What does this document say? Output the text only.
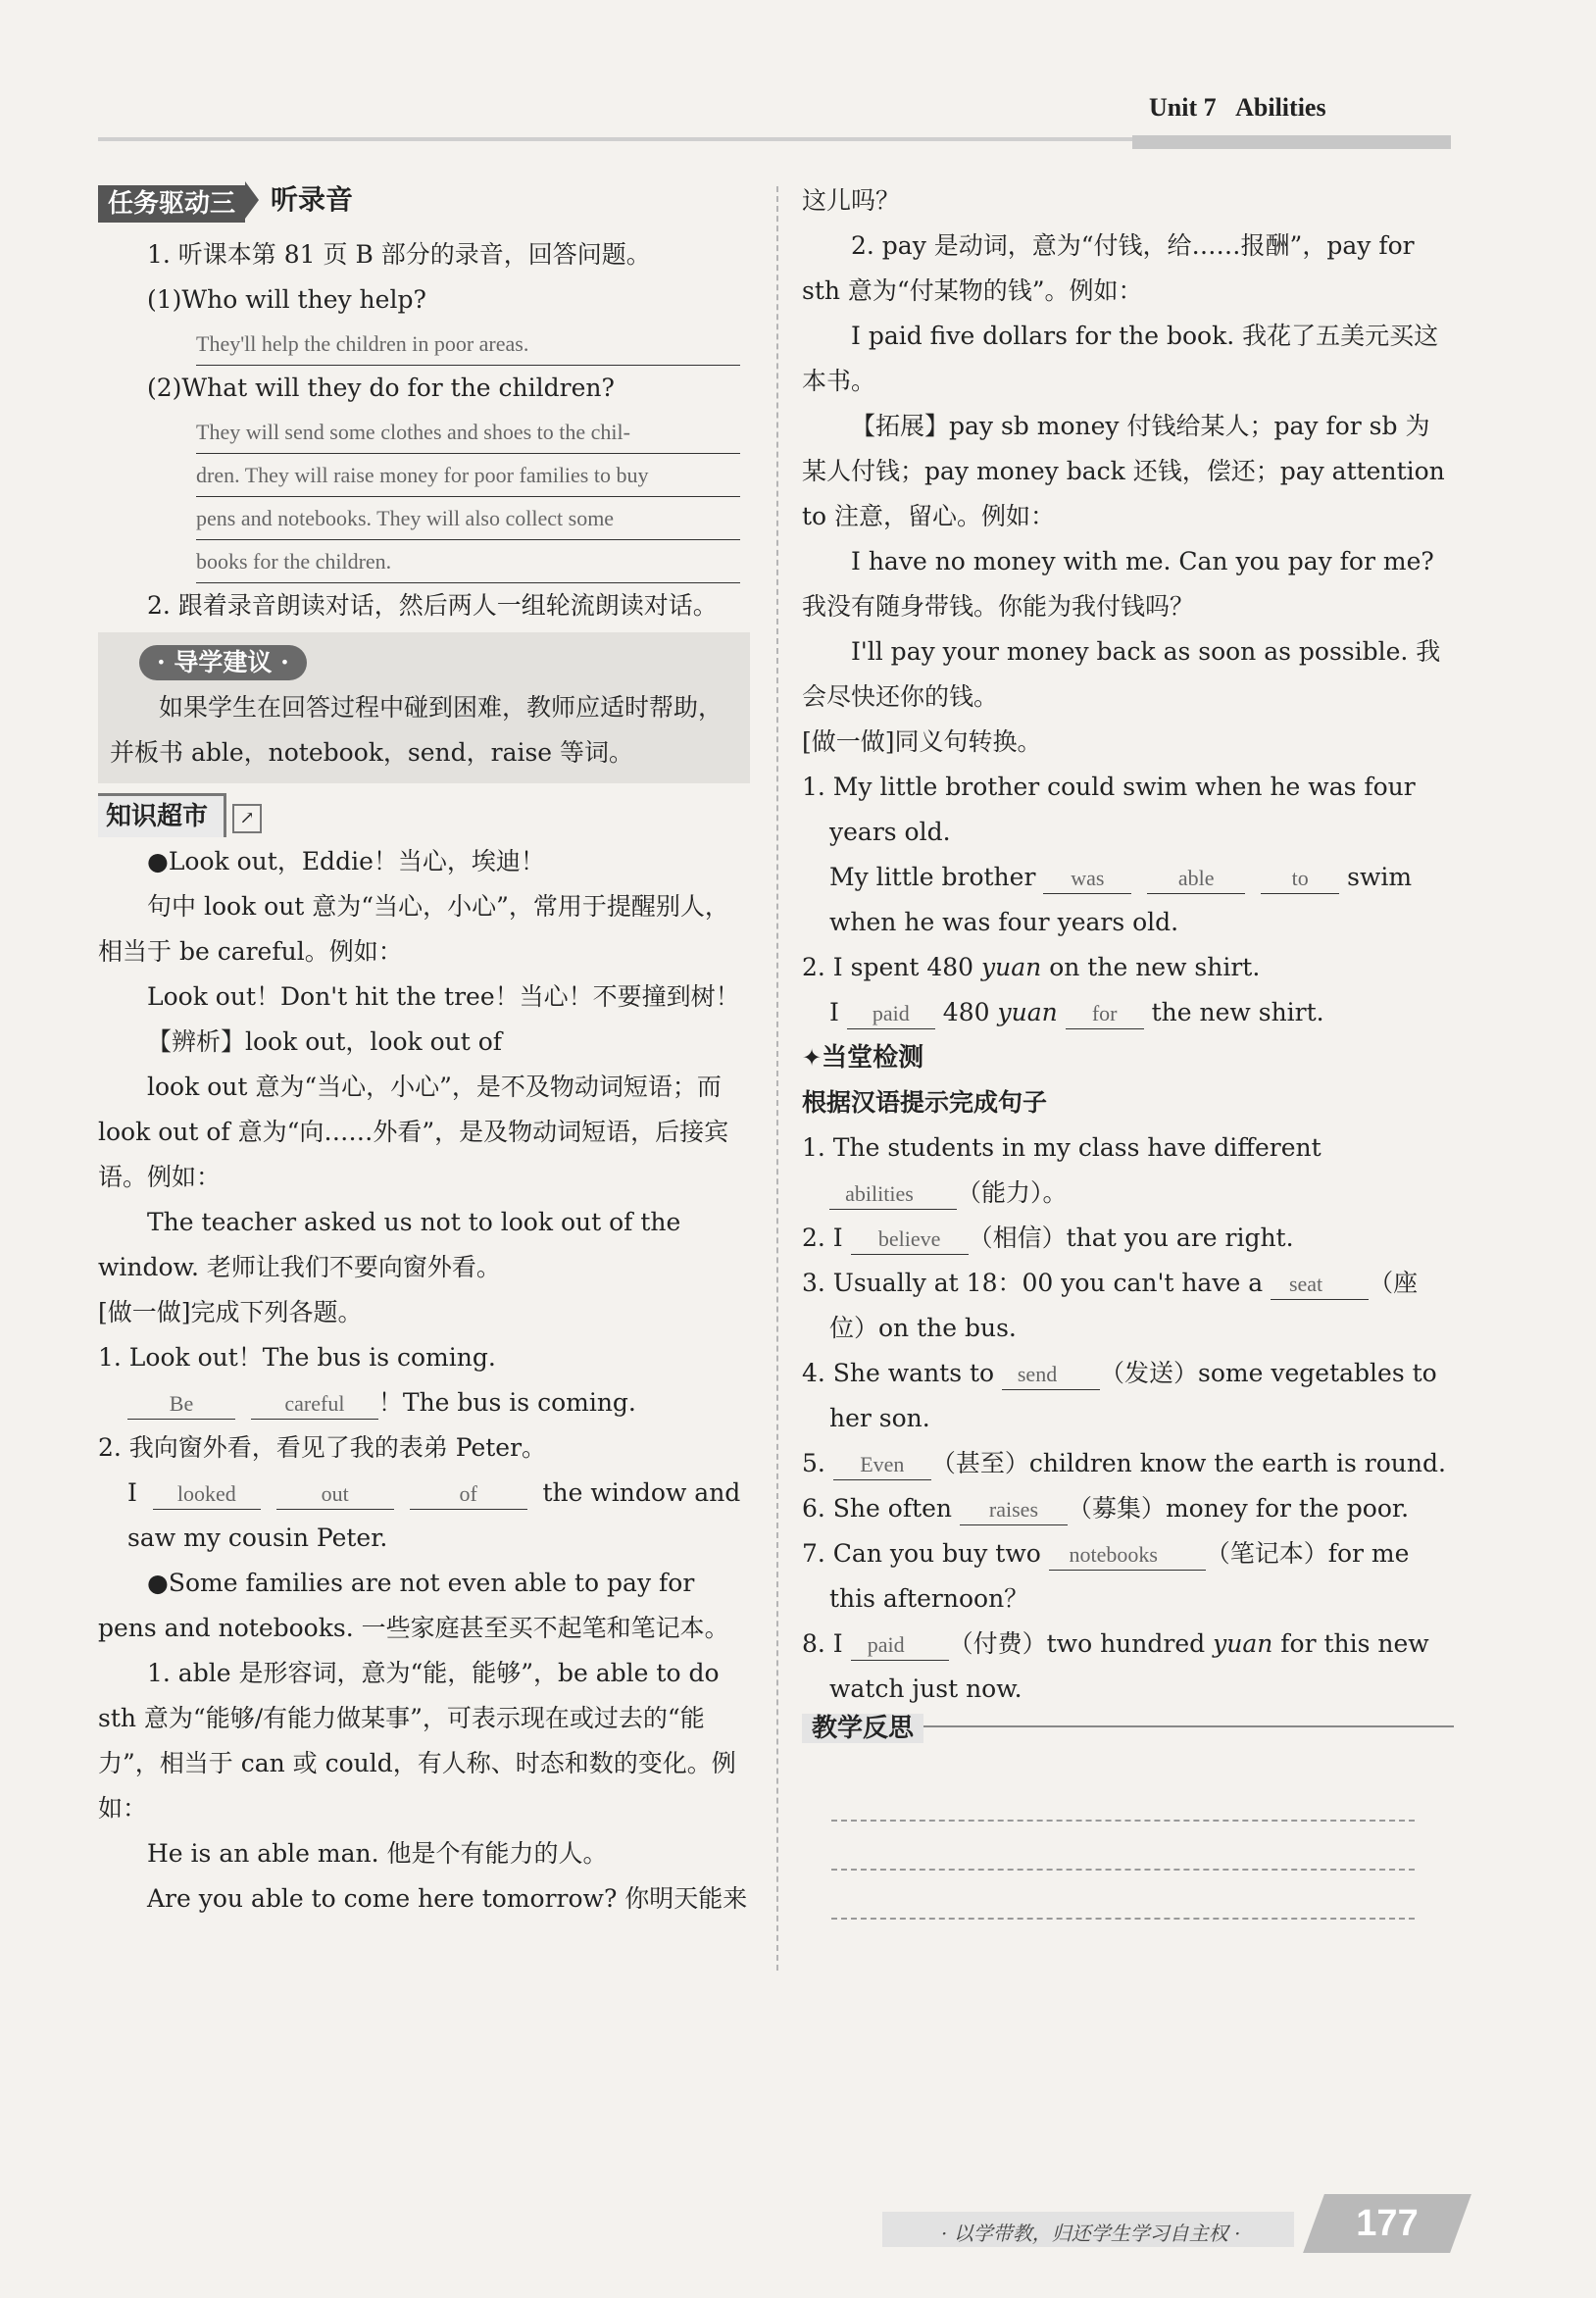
Unit 7 Abilities
任务驱动三 听录音

1. 听课本第 81 页 B 部分的录音，回答问题。

(1)Who will they help?

They'll help the children in poor areas.

(2)What will they do for the children?

They will send some clothes and shoes to the chil-
dren. They will raise money for poor families to buy
pens and notebooks. They will also collect some
books for the children.

2. 跟着录音朗读对话，然后两人一组轮流朗读对话。

· 导学建议 ·

如果学生在回答过程中碰到困难，教师应适时帮助，并板书 able，notebook，send，raise 等词。

知识超市 ↗

●Look out，Eddie！当心，埃迪！

句中 look out 意为“当心，小心”，常用于提醒别人，相当于 be careful。例如：

Look out！Don't hit the tree！当心！不要撞到树！

【辨析】look out，look out of

look out 意为“当心，小心”，是不及物动词短语；而 look out of 意为“向……外看”，是及物动词短语，后接宾语。例如：

The teacher asked us not to look out of the window. 老师让我们不要向窗外看。

[做一做]完成下列各题。

1. Look out！The bus is coming.

Be	careful ！The bus is coming.

2. 我向窗外看，看见了我的表弟 Peter。

I looked	out	of	the window and saw my cousin Peter.

●Some families are not even able to pay for pens and notebooks. 一些家庭甚至买不起笔和笔记本。

1. able 是形容词，意为“能，能够”，be able to do sth 意为“能够/有能力做某事”，可表示现在或过去的“能力”，相当于 can 或 could，有人称、时态和数的变化。例如：

He is an able man. 他是个有能力的人。

Are you able to come here tomorrow? 你明天能来

这儿吗？

2. pay 是动词，意为“付钱，给……报酬”，pay for sth 意为“付某物的钱”。例如：

I paid five dollars for the book. 我花了五美元买这本书。

【拓展】pay sb money 付钱给某人；pay for sb 为某人付钱；pay money back 还钱，偿还；pay attention to 注意，留心。例如：

I have no money with me. Can you pay for me? 我没有随身带钱。你能为我付钱吗？

I'll pay your money back as soon as possible. 我会尽快还你的钱。

[做一做]同义句转换。

1. My little brother could swim when he was four years old.

My little brother was	able	to swim when he was four years old.

2. I spent 480 yuan on the new shirt.

I paid 480 yuan for the new shirt.

✦当堂检测

根据汉语提示完成句子

1. The students in my class have different abilities （能力）。

2. I believe （相信）that you are right.

3. Usually at 18：00 you can't have a seat （座位）on the bus.

4. She wants to send （发送）some vegetables to her son.

5. Even （甚至）children know the earth is round.

6. She often raises （募集）money for the poor.

7. Can you buy two notebooks （笔记本）for me this afternoon？

8. I paid （付费）two hundred yuan for this new watch just now.

教学反思
· 以学带教，归还学生学习自主权 ·	177
